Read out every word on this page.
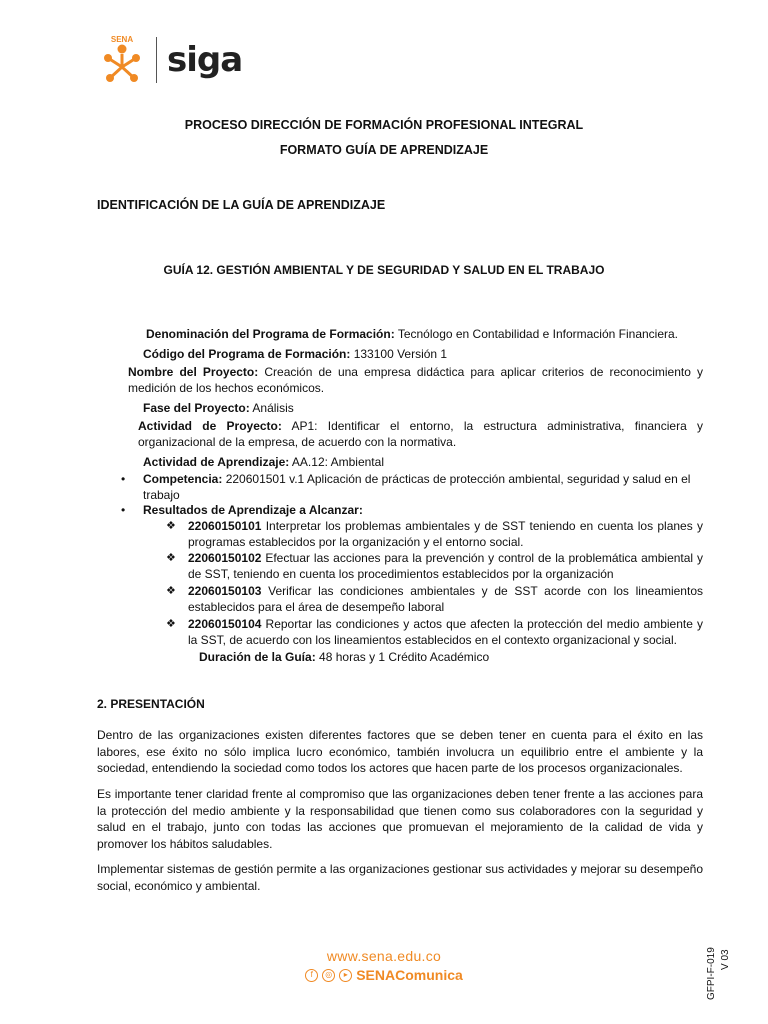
SENA
siga
PROCESO DIRECCIÓN DE FORMACIÓN PROFESIONAL INTEGRAL
FORMATO GUÍA DE APRENDIZAJE
IDENTIFICACIÓN DE LA GUÍA DE APRENDIZAJE
GUÍA 12. GESTIÓN AMBIENTAL Y DE SEGURIDAD Y SALUD EN EL TRABAJO
Denominación del Programa de Formación: Tecnólogo en Contabilidad e Información Financiera.
Código del Programa de Formación: 133100 Versión 1
Nombre del Proyecto: Creación de una empresa didáctica para aplicar criterios de reconocimiento y medición de los hechos económicos.
Fase del Proyecto: Análisis
Actividad de Proyecto: AP1: Identificar el entorno, la estructura administrativa, financiera y organizacional de la empresa, de acuerdo con la normativa.
Actividad de Aprendizaje: AA.12: Ambiental
• Competencia: 220601501 v.1 Aplicación de prácticas de protección ambiental, seguridad y salud en el trabajo
• Resultados de Aprendizaje a Alcanzar:
❖ 22060150101 Interpretar los problemas ambientales y de SST teniendo en cuenta los planes y programas establecidos por la organización y el entorno social.
❖ 22060150102 Efectuar las acciones para la prevención y control de la problemática ambiental y de SST, teniendo en cuenta los procedimientos establecidos por la organización
❖ 22060150103 Verificar las condiciones ambientales y de SST acorde con los lineamientos establecidos para el área de desempeño laboral
❖ 22060150104 Reportar las condiciones y actos que afecten la protección del medio ambiente y la SST, de acuerdo con los lineamientos establecidos en el contexto organizacional y social.
Duración de la Guía: 48 horas y 1 Crédito Académico
2. PRESENTACIÓN
Dentro de las organizaciones existen diferentes factores que se deben tener en cuenta para el éxito en las labores, ese éxito no sólo implica lucro económico, también involucra un equilibrio entre el ambiente y la sociedad, entendiendo la sociedad como todos los actores que hacen parte de los procesos organizacionales.
Es importante tener claridad frente al compromiso que las organizaciones deben tener frente a las acciones para la protección del medio ambiente y la responsabilidad que tienen como sus colaboradores con la seguridad y salud en el trabajo, junto con todas las acciones que promuevan el mejoramiento de la calidad de vida y promover los hábitos saludables.
Implementar sistemas de gestión permite a las organizaciones gestionar sus actividades y mejorar su desempeño social, económico y ambiental.
www.sena.edu.co
f	◎	▸ SENAComunica	GFPI-F-019 V 03
